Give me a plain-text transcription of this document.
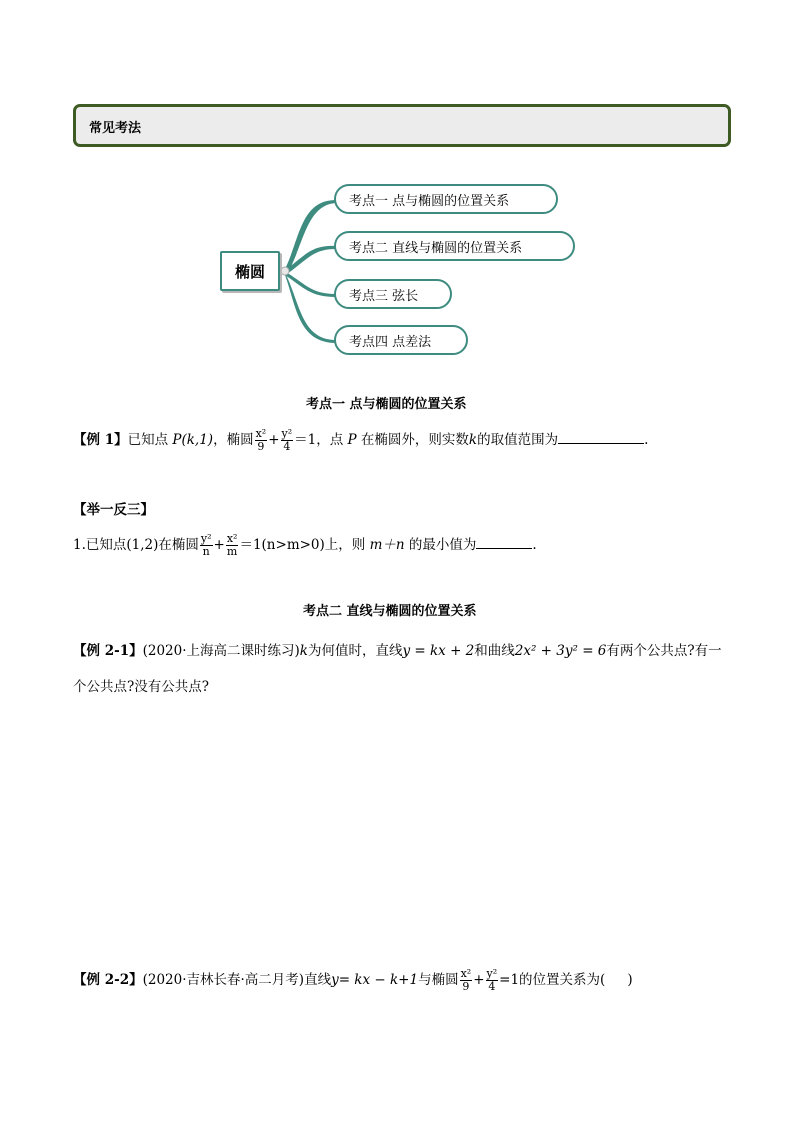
常见考法
椭圆
考点一 点与椭圆的位置关系
考点二 直线与椭圆的位置关系
考点三 弦长
考点四 点差法
考点一 点与椭圆的位置关系
【例 1】已知点 P(k,1)，椭圆 $\frac{\text{x²}}{9} + \frac{\text{y²}}{4} =1$，点 P 在椭圆外，则实数k的取值范围为	.
【举一反三】
1.已知点(1,2)在椭圆 $\frac{\text{y²}}{n} + \frac{\text{x²}}{m} =1(n>m>0)$上，则 m＋n 的最小值为	.
考点二 直线与椭圆的位置关系
【例 2-1】(2020·上海高二课时练习)k为何值时，直线y = kx + 2和曲线2x² + 3y² = 6有两个公共点?有一
个公共点?没有公共点?
【例 2-2】(2020·吉林长春·高二月考)直线y= kx − k+1与椭圆 $\frac{\text{x²}}{9} + \frac{\text{y²}}{4} =1$的位置关系为( )
